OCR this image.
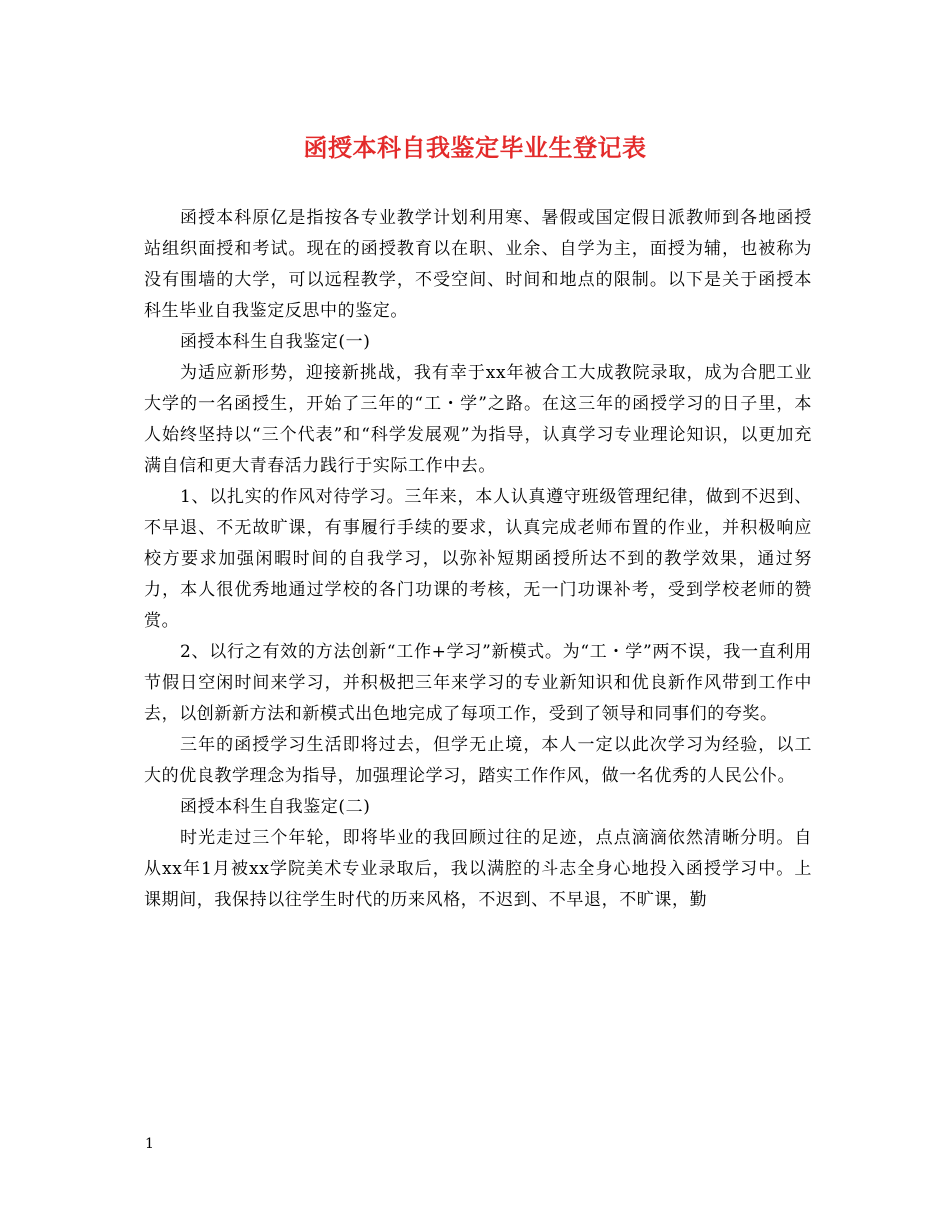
函授本科自我鉴定毕业生登记表

函授本科原亿是指按各专业教学计划利用寒、暑假或国定假日派教师到各地函授站组织面授和考试。现在的函授教育以在职、业余、自学为主，面授为辅，也被称为没有围墙的大学，可以远程教学，不受空间、时间和地点的限制。以下是关于函授本科生毕业自我鉴定反思中的鉴定。

函授本科生自我鉴定(一)

为适应新形势，迎接新挑战，我有幸于xx年被合工大成教院录取，成为合肥工业大学的一名函授生，开始了三年的“工・学”之路。在这三年的函授学习的日子里，本人始终坚持以“三个代表”和“科学发展观”为指导，认真学习专业理论知识，以更加充满自信和更大青春活力践行于实际工作中去。

1、以扎实的作风对待学习。三年来，本人认真遵守班级管理纪律，做到不迟到、不早退、不无故旷课，有事履行手续的要求，认真完成老师布置的作业，并积极响应校方要求加强闲暇时间的自我学习，以弥补短期函授所达不到的教学效果，通过努力，本人很优秀地通过学校的各门功课的考核，无一门功课补考，受到学校老师的赞赏。

2、以行之有效的方法创新“工作+学习”新模式。为“工・学”两不误，我一直利用节假日空闲时间来学习，并积极把三年来学习的专业新知识和优良新作风带到工作中去，以创新新方法和新模式出色地完成了每项工作，受到了领导和同事们的夸奖。

三年的函授学习生活即将过去，但学无止境，本人一定以此次学习为经验，以工大的优良教学理念为指导，加强理论学习，踏实工作作风，做一名优秀的人民公仆。

函授本科生自我鉴定(二)

时光走过三个年轮，即将毕业的我回顾过往的足迹，点点滴滴依然清晰分明。自从xx年1月被xx学院美术专业录取后，我以满腔的斗志全身心地投入函授学习中。上课期间，我保持以往学生时代的历来风格，不迟到、不早退，不旷课，勤

1
